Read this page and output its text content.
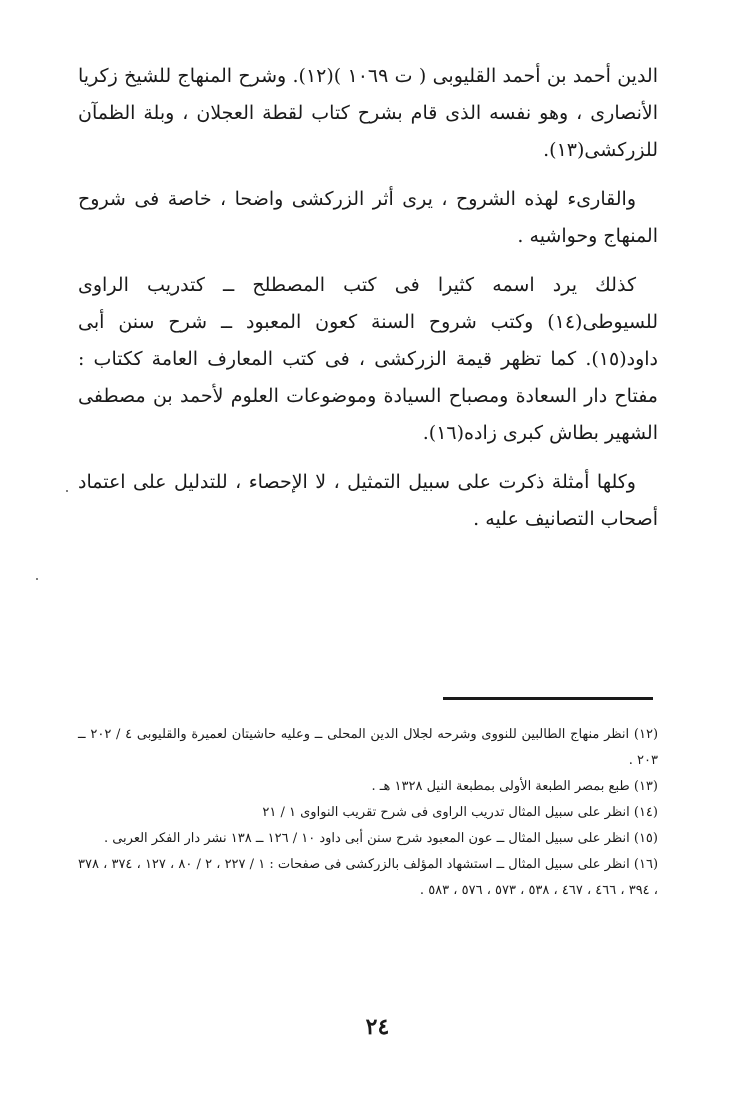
الدين أحمد بن أحمد القليوبى ( ت ١٠٦٩ )(١٢). وشرح المنهاج للشيخ زكريا الأنصارى ، وهو نفسه الذى قام بشرح كتاب لقطة العجلان ، وبلة الظمآن للزركشى(١٣).

والقارىء لهذه الشروح ، يرى أثر الزركشى واضحا ، خاصة فى شروح المنهاج وحواشيه .

كذلك يرد اسمه كثيرا فى كتب المصطلح ــ كتدريب الراوى للسيوطى(١٤) وكتب شروح السنة كعون المعبود ــ شرح سنن أبى داود(١٥). كما تظهر قيمة الزركشى ، فى كتب المعارف العامة ككتاب : مفتاح دار السعادة ومصباح السيادة وموضوعات العلوم لأحمد بن مصطفى الشهير بطاش كبرى زاده(١٦).

وكلها أمثلة ذكرت على سبيل التمثيل ، لا الإحصاء ، للتدليل على اعتماد أصحاب التصانيف عليه .

(١٢) انظر منهاج الطالبين للنووى وشرحه لجلال الدين المحلى ــ وعليه حاشيتان لعميرة والقليوبى ٤ / ٢٠٢ ــ ٢٠٣ .

(١٣) طبع بمصر الطبعة الأولى بمطبعة النيل ١٣٢٨ هـ .

(١٤) انظر على سبيل المثال تدريب الراوى فى شرح تقريب النواوى ١ / ٢١

(١٥) انظر على سبيل المثال ــ عون المعبود شرح سنن أبى داود ١٠ / ١٢٦ ــ ١٣٨ نشر دار الفكر العربى .

(١٦) انظر على سبيل المثال ــ استشهاد المؤلف بالزركشى فى صفحات : ١ / ٢٢٧ ، ٢ / ٨٠ ، ١٢٧ ، ٣٧٤ ، ٣٧٨ ، ٣٩٤ ، ٤٦٦ ، ٤٦٧ ، ٥٣٨ ، ٥٧٣ ، ٥٧٦ ، ٥٨٣ .

٢٤
